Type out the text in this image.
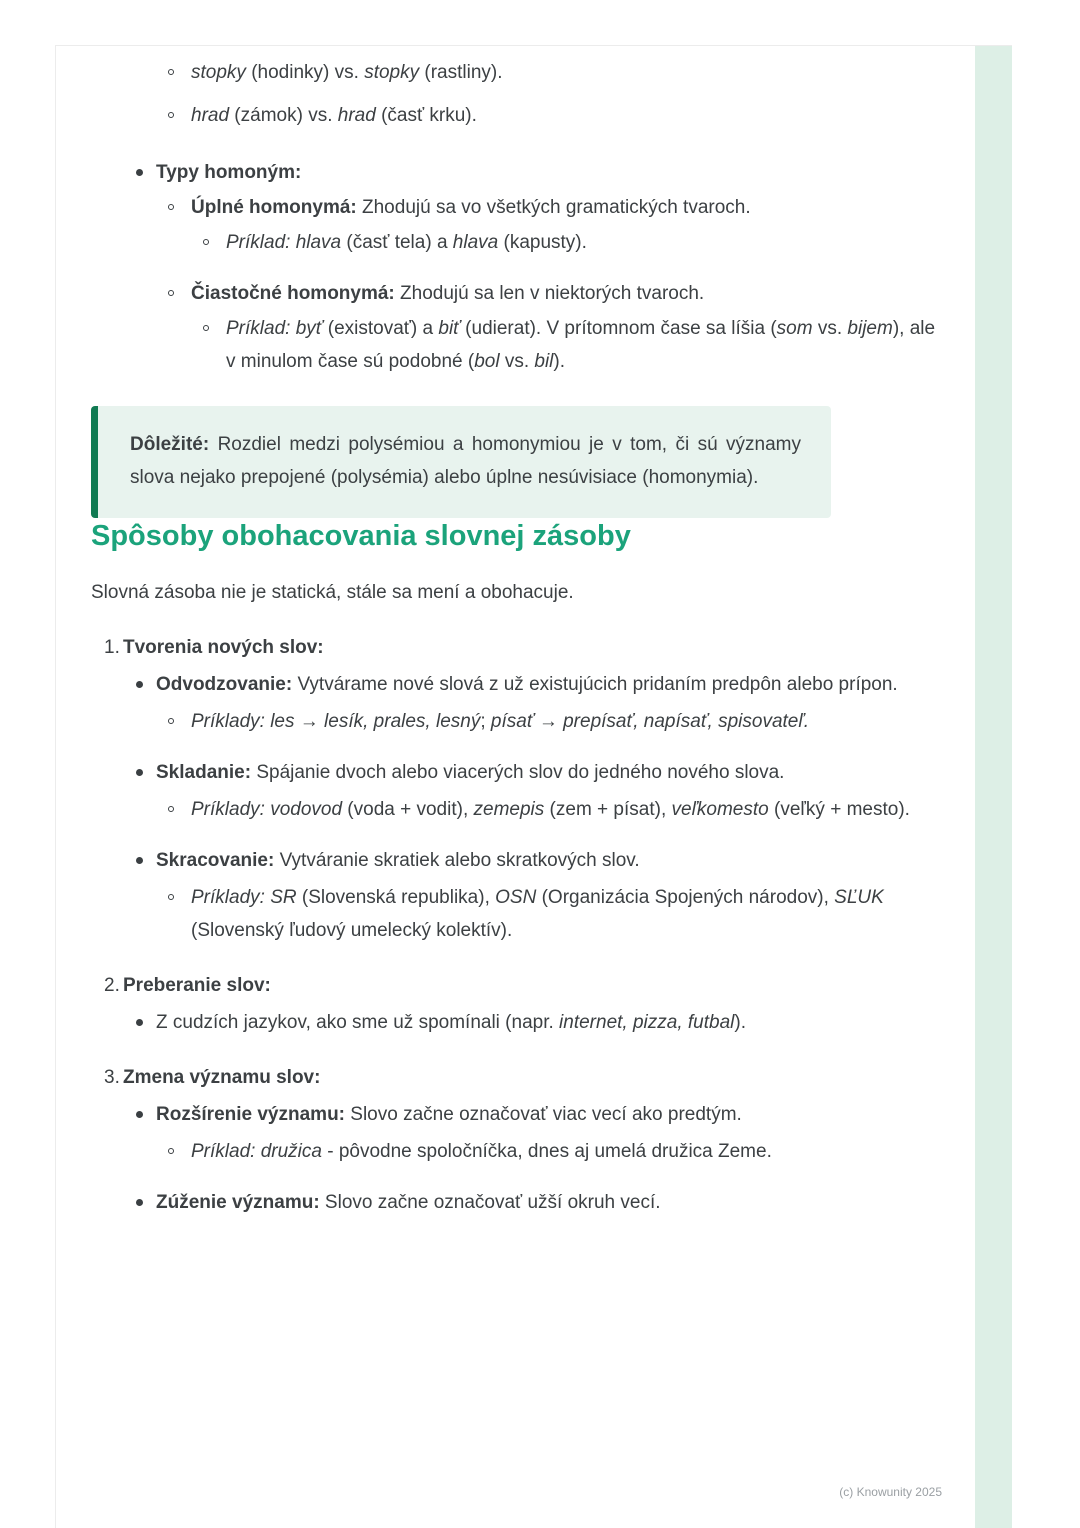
stopky (hodinky) vs. stopky (rastliny).
hrad (zámok) vs. hrad (časť krku).
Typy homoným:
Úplné homonymá: Zhodujú sa vo všetkých gramatických tvaroch.
Príklad: hlava (časť tela) a hlava (kapusty).
Čiastočné homonymá: Zhodujú sa len v niektorých tvaroch.
Príklad: byť (existovať) a biť (udierat). V prítomnom čase sa líšia (som vs. bijem), ale v minulom čase sú podobné (bol vs. bil).
Dôležité: Rozdiel medzi polysémiou a homonymiou je v tom, či sú významy slova nejako prepojené (polysémia) alebo úplne nesúvisiace (homonymia).
Spôsoby obohacovania slovnej zásoby

Slovná zásoba nie je statická, stále sa mení a obohacuje.

1. Tvorenia nových slov:
Odvodzovanie: Vytvárame nové slová z už existujúcich pridaním predpôn alebo prípon.
Príklady: les → lesík, prales, lesný; písať → prepísať, napísať, spisovateľ.
Skladanie: Spájanie dvoch alebo viacerých slov do jedného nového slova.
Príklady: vodovod (voda + vodit), zemepis (zem + písat), veľkomesto (veľký + mesto).
Skracovanie: Vytváranie skratiek alebo skratkových slov.
Príklady: SR (Slovenská republika), OSN (Organizácia Spojených národov), SĽUK (Slovenský ľudový umelecký kolektív).
2. Preberanie slov:
Z cudzích jazykov, ako sme už spomínali (napr. internet, pizza, futbal).
3. Zmena významu slov:
Rozšírenie významu: Slovo začne označovať viac vecí ako predtým.
Príklad: družica - pôvodne spoločníčka, dnes aj umelá družica Zeme.
Zúženie významu: Slovo začne označovať užší okruh vecí.
(c) Knowunity 2025
